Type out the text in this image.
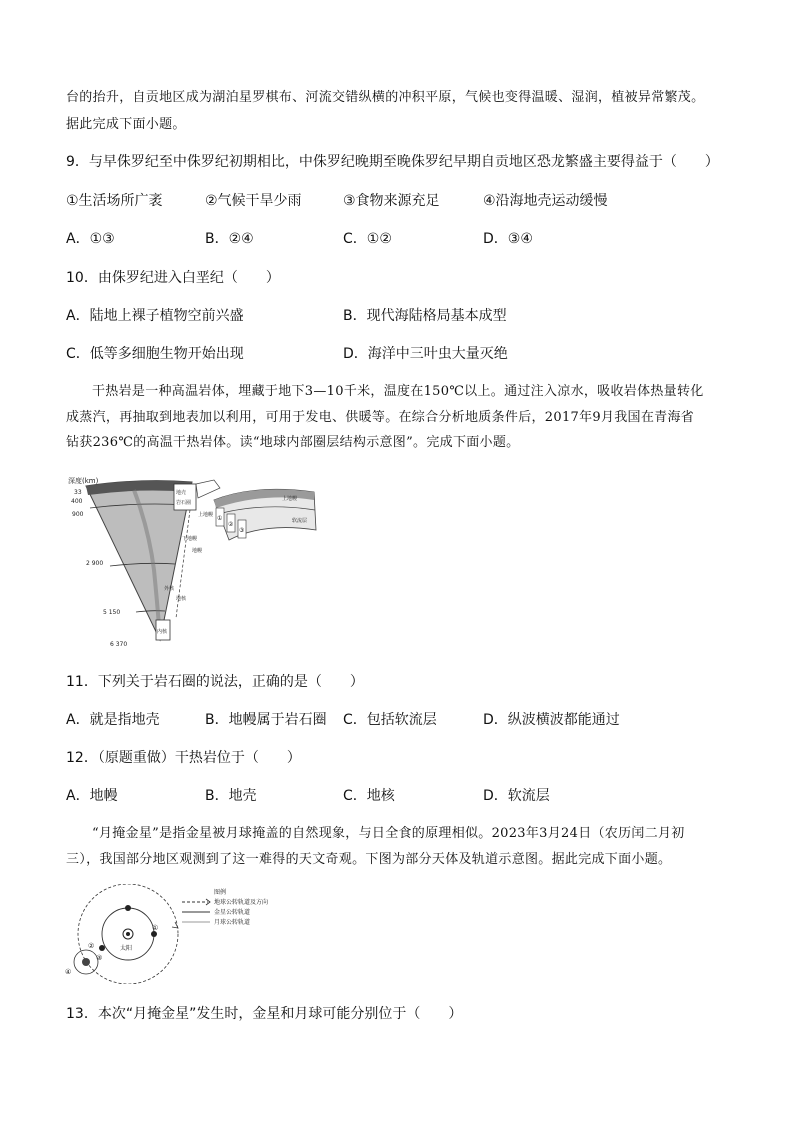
台的抬升，自贡地区成为湖泊星罗棋布、河流交错纵横的冲积平原，气候也变得温暖、湿润，植被异常繁茂。
据此完成下面小题。
9．与早侏罗纪至中侏罗纪初期相比，中侏罗纪晚期至晚侏罗纪早期自贡地区恐龙繁盛主要得益于（　　）
①生活场所广袤	②气候干旱少雨	③食物来源充足	④沿海地壳运动缓慢
A．①③	B．②④	C．①②	D．③④
10．由侏罗纪进入白垩纪（　　）
A．陆地上裸子植物空前兴盛	B．现代海陆格局基本成型
C．低等多细胞生物开始出现	D．海洋中三叶虫大量灭绝
干热岩是一种高温岩体，埋藏于地下3—10千米，温度在150℃以上。通过注入凉水，吸收岩体热量转化
成蒸汽，再抽取到地表加以利用，可用于发电、供暖等。在综合分析地质条件后，2017年9月我国在青海省
钻获236℃的高温干热岩体。读“地球内部圈层结构示意图”。完成下面小题。
深度(km)
33
400
900
2 900
5 150
6 370
地壳
岩石圈
上地幔
下地幔
地幔
外核
地核
内核
①
②
③
软流层
上地幔
11．下列关于岩石圈的说法，正确的是（　　）
A．就是指地壳	B．地幔属于岩石圈 C．包括软流层	D．纵波横波都能通过
12．（原题重做）干热岩位于（　　）
A．地幔	B．地壳	C．地核	D．软流层
“月掩金星”是指金星被月球掩盖的自然现象，与日全食的原理相似。2023年3月24日（农历闰二月初
三），我国部分地区观测到了这一难得的天文奇观。下图为部分天体及轨道示意图。据此完成下面小题。
太阳
①
②
③
④
图例
地球公转轨道及方向
金星公转轨道
月球公转轨道
13．本次“月掩金星”发生时，金星和月球可能分别位于（　　）
